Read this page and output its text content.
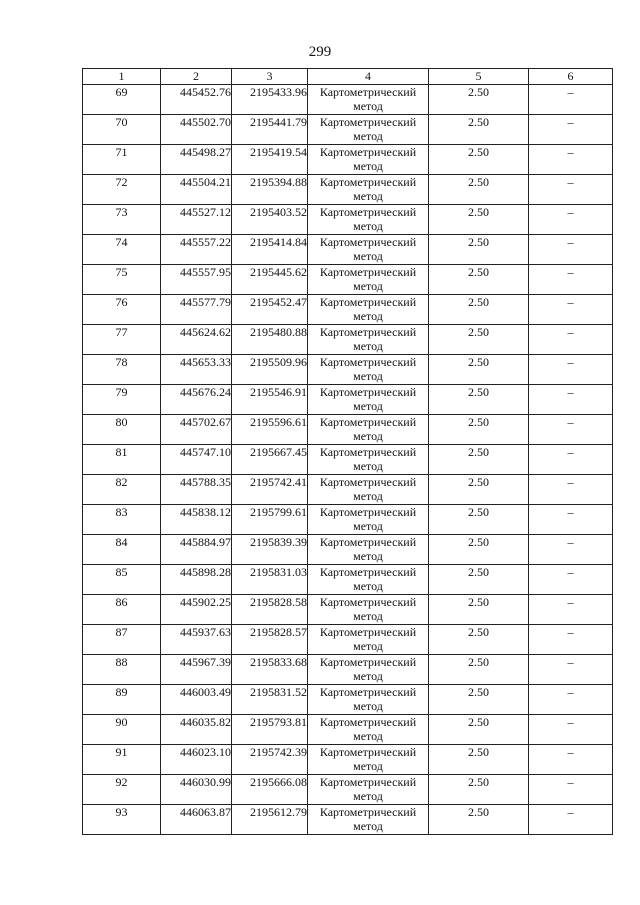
299
1	2	3	4	5	6
69	445452.76	2195433.96	Картометрический метод	2.50	–
70	445502.70	2195441.79	Картометрический метод	2.50	–
71	445498.27	2195419.54	Картометрический метод	2.50	–
72	445504.21	2195394.88	Картометрический метод	2.50	–
73	445527.12	2195403.52	Картометрический метод	2.50	–
74	445557.22	2195414.84	Картометрический метод	2.50	–
75	445557.95	2195445.62	Картометрический метод	2.50	–
76	445577.79	2195452.47	Картометрический метод	2.50	–
77	445624.62	2195480.88	Картометрический метод	2.50	–
78	445653.33	2195509.96	Картометрический метод	2.50	–
79	445676.24	2195546.91	Картометрический метод	2.50	–
80	445702.67	2195596.61	Картометрический метод	2.50	–
81	445747.10	2195667.45	Картометрический метод	2.50	–
82	445788.35	2195742.41	Картометрический метод	2.50	–
83	445838.12	2195799.61	Картометрический метод	2.50	–
84	445884.97	2195839.39	Картометрический метод	2.50	–
85	445898.28	2195831.03	Картометрический метод	2.50	–
86	445902.25	2195828.58	Картометрический метод	2.50	–
87	445937.63	2195828.57	Картометрический метод	2.50	–
88	445967.39	2195833.68	Картометрический метод	2.50	–
89	446003.49	2195831.52	Картометрический метод	2.50	–
90	446035.82	2195793.81	Картометрический метод	2.50	–
91	446023.10	2195742.39	Картометрический метод	2.50	–
92	446030.99	2195666.08	Картометрический метод	2.50	–
93	446063.87	2195612.79	Картометрический метод	2.50	–
